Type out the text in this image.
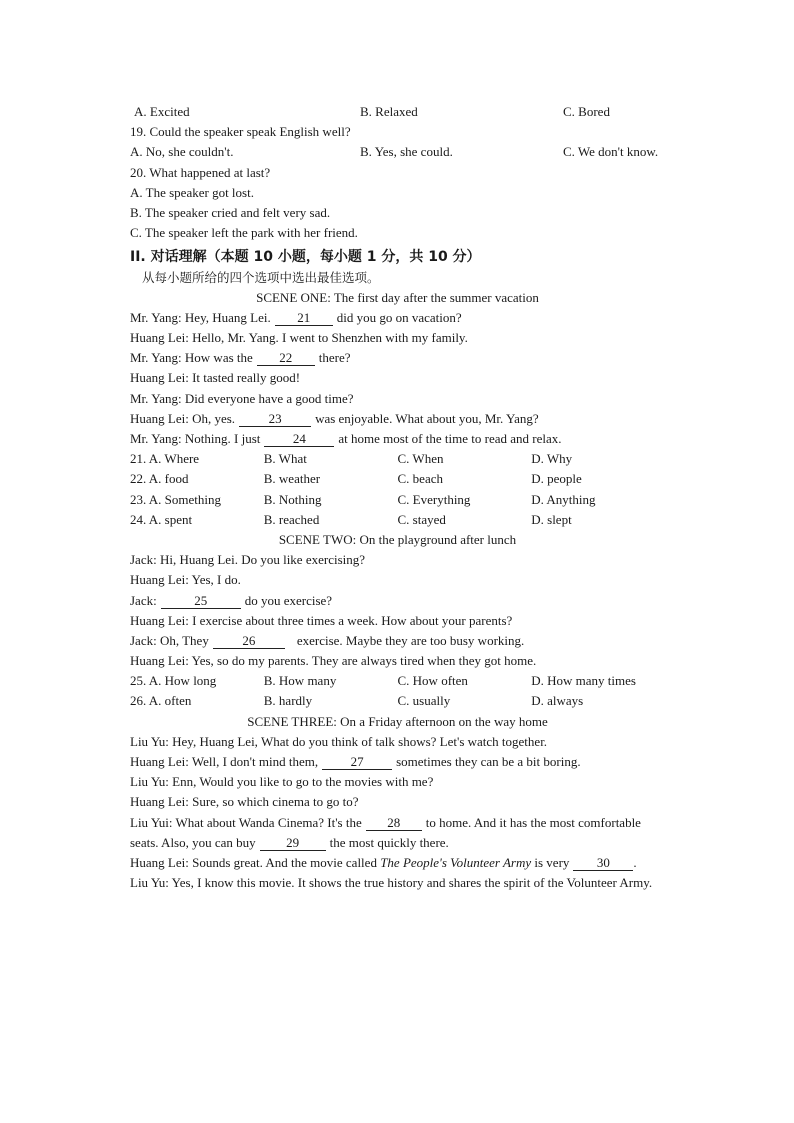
A. Excited	B. Relaxed	C. Bored
19. Could the speaker speak English well?
A. No, she couldn't.	B. Yes, she could.	C. We don't know.
20. What happened at last?
A. The speaker got lost.
B. The speaker cried and felt very sad.
C. The speaker left the park with her friend.
II. 对话理解（本题 10 小题，每小题 1 分，共 10 分）
从每小题所给的四个选项中选出最佳选项。
SCENE ONE: The first day after the summer vacation
Mr. Yang: Hey, Huang Lei. 21 did you go on vacation?
Huang Lei: Hello, Mr. Yang. I went to Shenzhen with my family.
Mr. Yang: How was the 22 there?
Huang Lei: It tasted really good!
Mr. Yang: Did everyone have a good time?
Huang Lei: Oh, yes.	23	was enjoyable. What about you, Mr. Yang?
Mr. Yang: Nothing. I just	24	at home most of the time to read and relax.
21. A. Where	B. What	C. When	D. Why
22. A. food	B. weather	C. beach	D. people
23. A. Something	B. Nothing	C. Everything	D. Anything
24. A. spent	B. reached	C. stayed	D. slept
SCENE TWO: On the playground after lunch
Jack: Hi, Huang Lei. Do you like exercising?
Huang Lei: Yes, I do.
Jack:	25	do you exercise?
Huang Lei: I exercise about three times a week. How about your parents?
Jack: Oh, They	26	exercise. Maybe they are too busy working.
Huang Lei: Yes, so do my parents. They are always tired when they got home.
25. A. How long	B. How many	C. How often	D. How many times
26. A. often	B. hardly	C. usually	D. always
SCENE THREE: On a Friday afternoon on the way home
Liu Yu: Hey, Huang Lei, What do you think of talk shows? Let's watch together.
Huang Lei: Well, I don't mind them,	27	sometimes they can be a bit boring.
Liu Yu: Enn, Would you like to go to the movies with me?
Huang Lei: Sure, so which cinema to go to?
Liu Yui: What about Wanda Cinema? It's the 28 to home. And it has the most comfortable
seats. Also, you can buy 29 the most quickly there.
Huang Lei: Sounds great. And the movie called The People's Volunteer Army is very 30 .
Liu Yu: Yes, I know this movie. It shows the true history and shares the spirit of the Volunteer Army.
